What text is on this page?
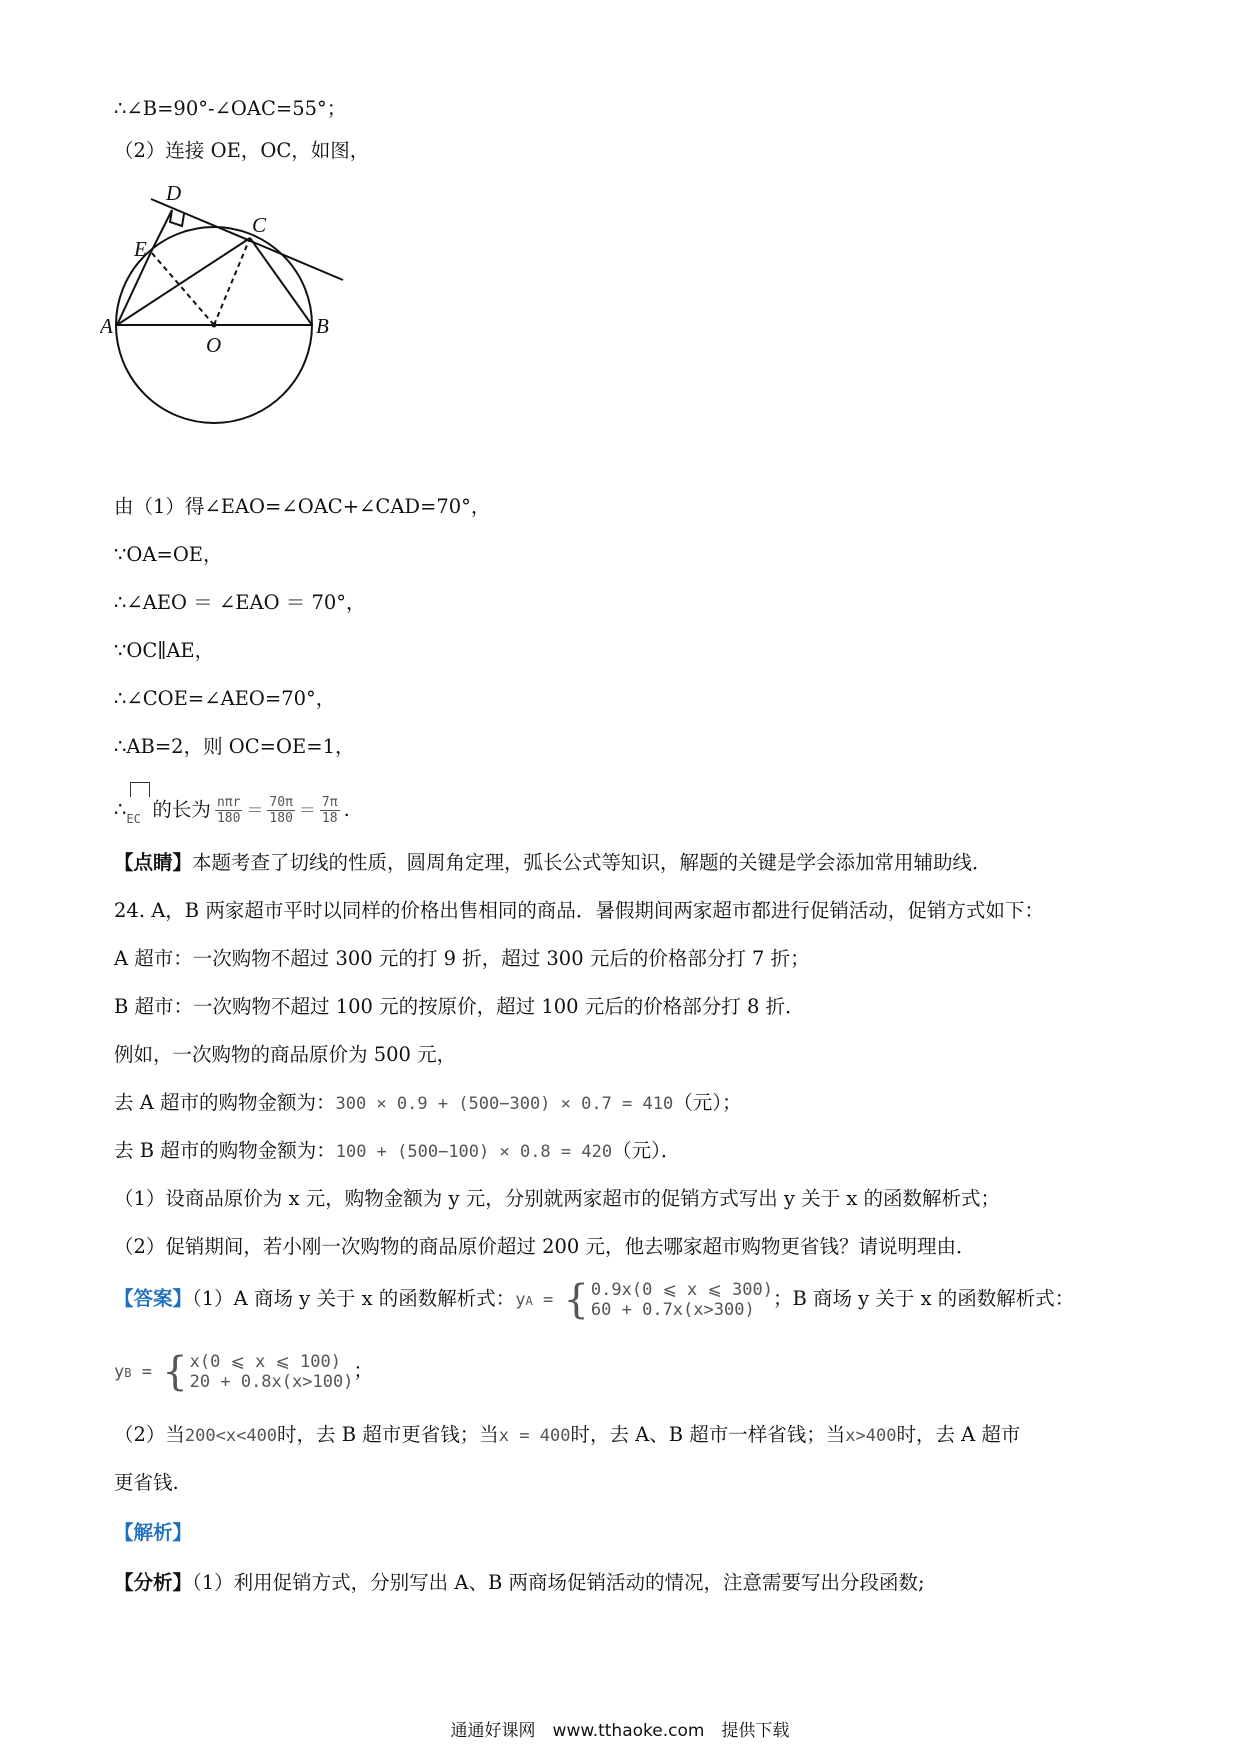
∴∠B=90°-∠OAC=55°；
（2）连接 OE，OC，如图，
D
C
E
A
O
B
由（1）得∠EAO=∠OAC+∠CAD=70°，
∵OA=OE，
∴∠AEO ＝ ∠EAO ＝ 70°，
∵OC∥AE，
∴∠COE=∠AEO=70°，
∴AB=2，则 OC=OE=1，
∴
EC 的长为 $\frac{\text{nπr}}{180} = \frac{70\pi}{180} = \frac{7\pi}{18}$ .
【点睛】本题考查了切线的性质，圆周角定理，弧长公式等知识，解题的关键是学会添加常用辅助线．
24. A，B 两家超市平时以同样的价格出售相同的商品．暑假期间两家超市都进行促销活动，促销方式如下：
A 超市：一次购物不超过 300 元的打 9 折，超过 300 元后的价格部分打 7 折；
B 超市：一次购物不超过 100 元的按原价，超过 100 元后的价格部分打 8 折．
例如，一次购物的商品原价为 500 元，
去 A 超市的购物金额为：300 × 0.9 + (500−300) × 0.7 = 410（元）；
去 B 超市的购物金额为：100 + (500−100) × 0.8 = 420（元）．
（1）设商品原价为 x 元，购物金额为 y 元，分别就两家超市的促销方式写出 y 关于 x 的函数解析式；
（2）促销期间，若小刚一次购物的商品原价超过 200 元，他去哪家超市购物更省钱？请说明理由．
【答案】（1）A 商场 y 关于 x 的函数解析式：yA = { 0.9x(0 ⩽ x ⩽ 300)
60 + 0.7x(x>300) ；B 商场 y 关于 x 的函数解析式：
yB = { x(0 ⩽ x ⩽ 100)
20 + 0.8x(x>100) ；
（2）当200<x<400时，去 B 超市更省钱；当x = 400时，去 A、B 超市一样省钱；当x>400时，去 A 超市
更省钱.
【解析】
【分析】（1）利用促销方式，分别写出 A、B 两商场促销活动的情况，注意需要写出分段函数;
通通好课网　www.tthaoke.com　提供下载
